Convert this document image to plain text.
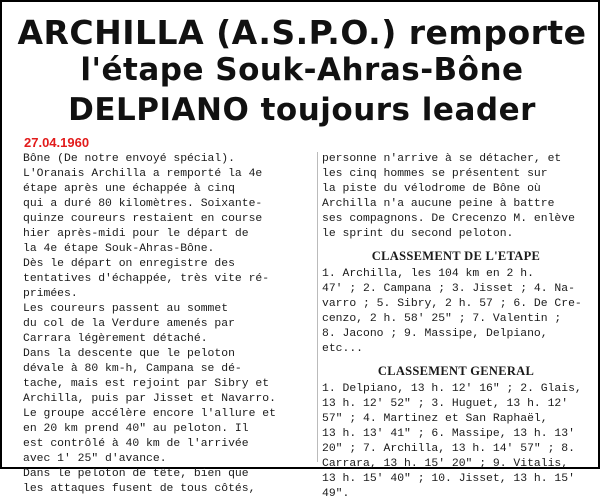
ARCHILLA (A.S.P.O.) remporte
l'étape Souk-Ahras-Bône
DELPIANO toujours leader
27.04.1960
Bône (De notre envoyé spécial).
L'Oranais Archilla a remporté la 4e
étape après une échappée à cinq
qui a duré 80 kilomètres. Soixante-
quinze coureurs restaient en course
hier après-midi pour le départ de
la 4e étape Souk-Ahras-Bône.
Dès le départ on enregistre des
tentatives d'échappée, très vite ré-
primées.
Les coureurs passent au sommet
du col de la Verdure amenés par
Carrara légèrement détaché.
Dans la descente que le peloton
dévale à 80 km-h, Campana se dé-
tache, mais est rejoint par Sibry et
Archilla, puis par Jisset et Navarro.
Le groupe accélère encore l'allure et
en 20 km prend 40" au peloton. Il
est contrôlé à 40 km de l'arrivée
avec 1' 25" d'avance.
Dans le peloton de tête, bien que
les attaques fusent de tous côtés,
personne n'arrive à se détacher, et
les cinq hommes se présentent sur
la piste du vélodrome de Bône où
Archilla n'a aucune peine à battre
ses compagnons. De Crecenzo M. enlève
le sprint du second peloton.
CLASSEMENT DE L'ETAPE
1. Archilla, les 104 km en 2 h.
47' ; 2. Campana ; 3. Jisset ; 4. Na-
varro ; 5. Sibry, 2 h. 57 ; 6. De Cre-
cenzo, 2 h. 58' 25" ; 7. Valentin ;
8. Jacono ; 9. Massipe, Delpiano,
etc...
CLASSEMENT GENERAL
1. Delpiano, 13 h. 12' 16" ; 2. Glais,
13 h. 12' 52" ; 3. Huguet, 13 h. 12'
57" ; 4. Martinez et San Raphaël,
13 h. 13' 41" ; 6. Massipe, 13 h. 13'
20" ; 7. Archilla, 13 h. 14' 57" ; 8.
Carrara, 13 h. 15' 20" ; 9. Vitalis,
13 h. 15' 40" ; 10. Jisset, 13 h. 15'
49".
